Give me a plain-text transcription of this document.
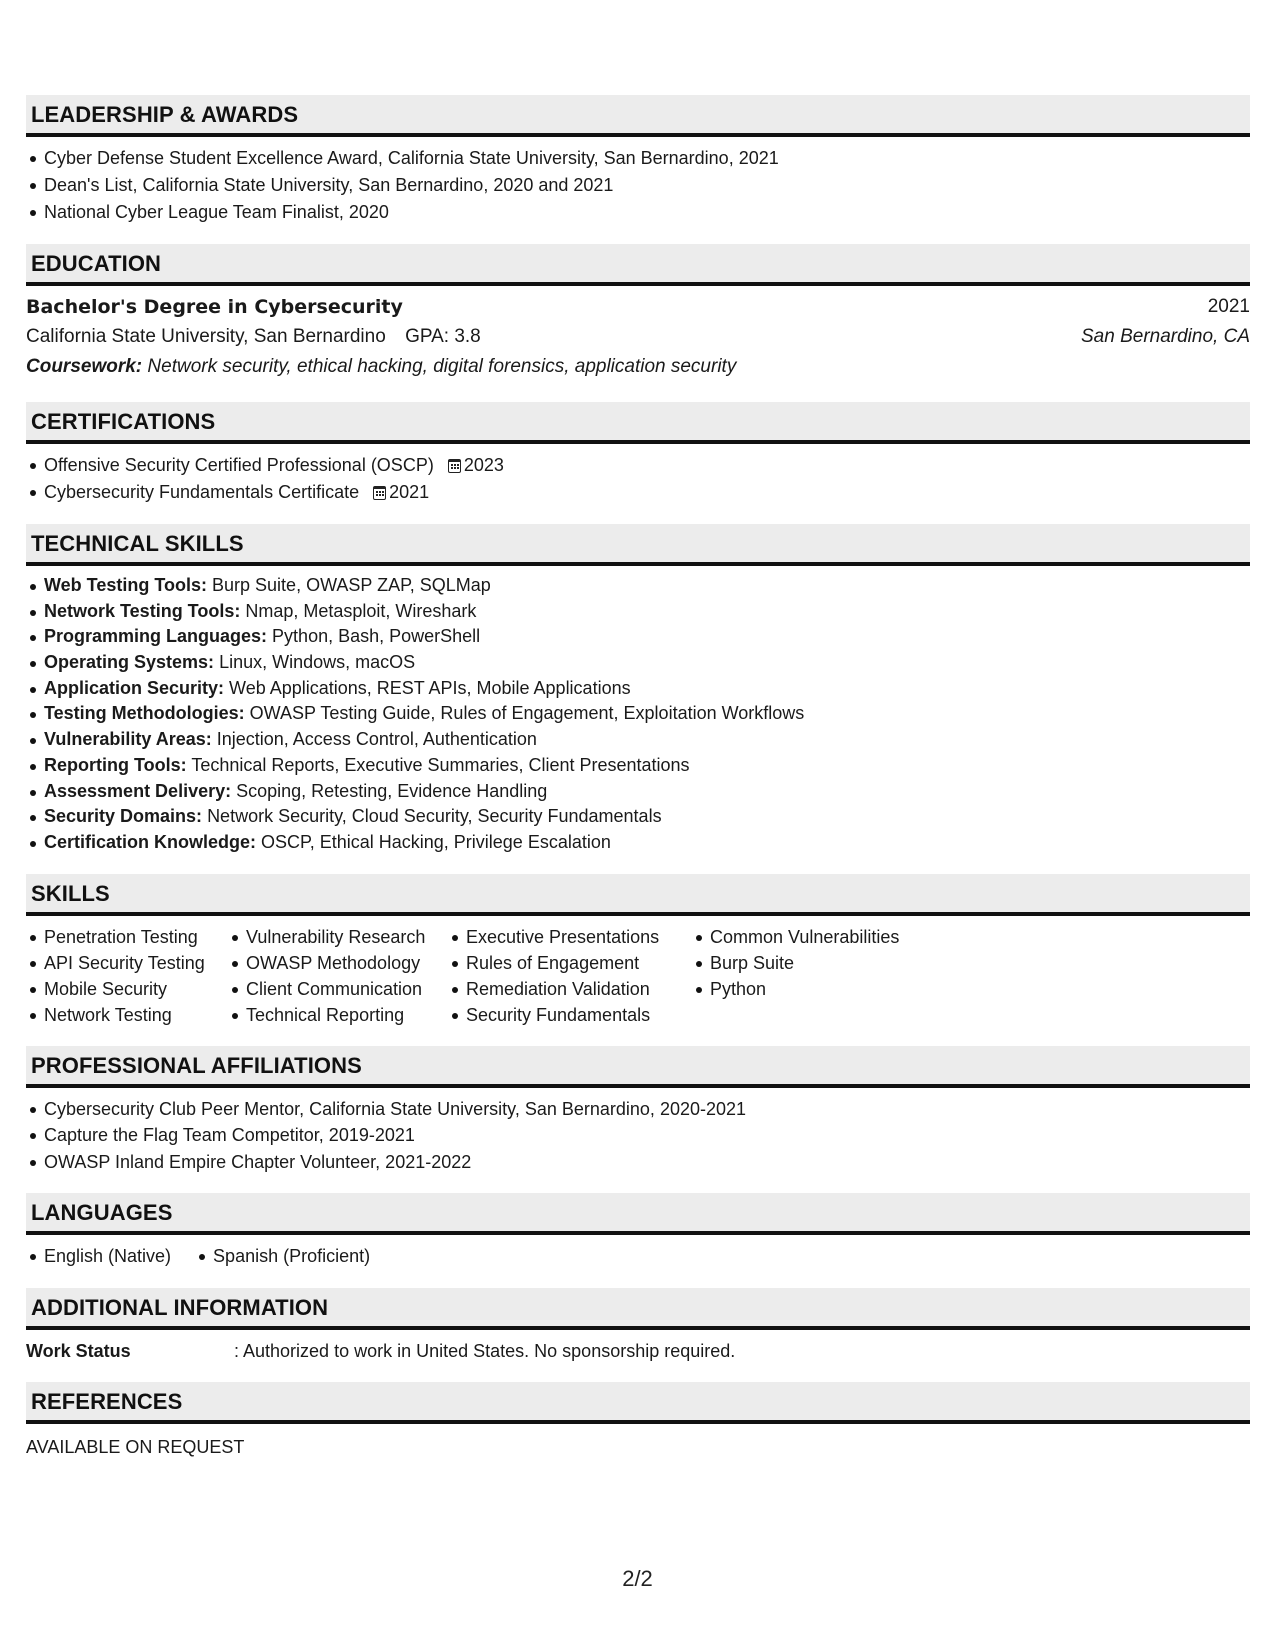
LEADERSHIP & AWARDS
Cyber Defense Student Excellence Award, California State University, San Bernardino, 2021
Dean's List, California State University, San Bernardino, 2020 and 2021
National Cyber League Team Finalist, 2020
EDUCATION
Bachelor's Degree in Cybersecurity	2021
California State University, San Bernardino GPA: 3.8	San Bernardino, CA
Coursework: Network security, ethical hacking, digital forensics, application security
CERTIFICATIONS
Offensive Security Certified Professional (OSCP) 2023
Cybersecurity Fundamentals Certificate 2021
TECHNICAL SKILLS
Web Testing Tools: Burp Suite, OWASP ZAP, SQLMap
Network Testing Tools: Nmap, Metasploit, Wireshark
Programming Languages: Python, Bash, PowerShell
Operating Systems: Linux, Windows, macOS
Application Security: Web Applications, REST APIs, Mobile Applications
Testing Methodologies: OWASP Testing Guide, Rules of Engagement, Exploitation Workflows
Vulnerability Areas: Injection, Access Control, Authentication
Reporting Tools: Technical Reports, Executive Summaries, Client Presentations
Assessment Delivery: Scoping, Retesting, Evidence Handling
Security Domains: Network Security, Cloud Security, Security Fundamentals
Certification Knowledge: OSCP, Ethical Hacking, Privilege Escalation
SKILLS
Penetration Testing
API Security Testing
Mobile Security
Network Testing
Vulnerability Research
OWASP Methodology
Client Communication
Technical Reporting
Executive Presentations
Rules of Engagement
Remediation Validation
Security Fundamentals
Common Vulnerabilities
Burp Suite
Python
PROFESSIONAL AFFILIATIONS
Cybersecurity Club Peer Mentor, California State University, San Bernardino, 2020-2021
Capture the Flag Team Competitor, 2019-2021
OWASP Inland Empire Chapter Volunteer, 2021-2022
LANGUAGES
English (Native) Spanish (Proficient)
ADDITIONAL INFORMATION
Work Status	: Authorized to work in United States. No sponsorship required.
REFERENCES
AVAILABLE ON REQUEST
2/2
